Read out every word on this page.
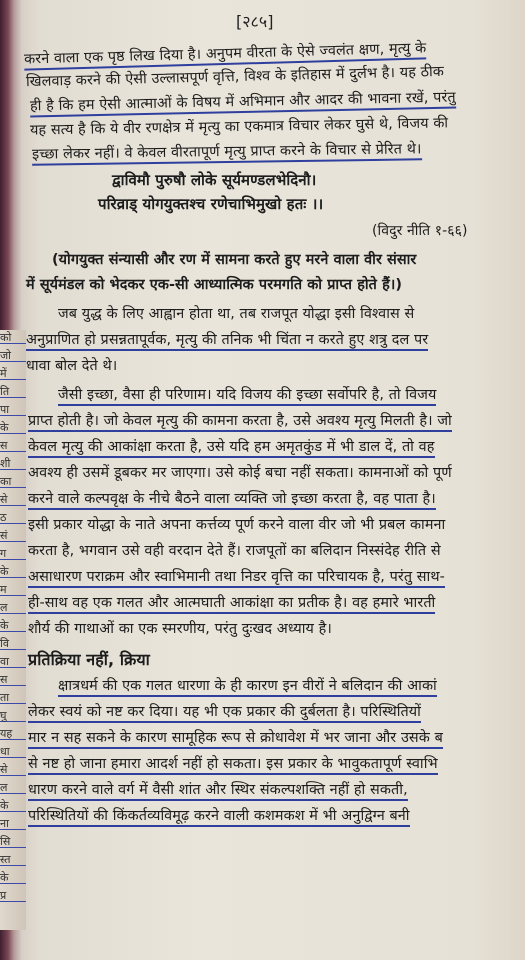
को
जो
में
ति
पा
के
स
शी
का
से
ठ
सं
ग
के
म
ल
के
वि
वा
स
ता
घु
यह
धा
से
ल
के
ना
सि
स्त
के
प्र
[२८५]
करने वाला एक पृष्ठ लिख दिया है। अनुपम वीरता के ऐसे ज्वलंत क्षण, मृत्यु के
खिलवाड़ करने की ऐसी उल्लासपूर्ण वृत्ति, विश्व के इतिहास में दुर्लभ है। यह ठीक
ही है कि हम ऐसी आत्माओं के विषय में अभिमान और आदर की भावना रखें, परंतु
यह सत्य है कि ये वीर रणक्षेत्र में मृत्यु का एकमात्र विचार लेकर घुसे थे, विजय की
इच्छा लेकर नहीं। वे केवल वीरतापूर्ण मृत्यु प्राप्त करने के विचार से प्रेरित थे।
द्वाविमौ पुरुषौ लोके सूर्यमण्डलभेदिनौ।
परिव्राड्‌ योगयुक्तश्च रणेचाभिमुखो हतः ।।
(विदुर नीति १-६६)
(योगयुक्त संन्यासी और रण में सामना करते हुए मरने वाला वीर संसार
में सूर्यमंडल को भेदकर एक-सी आध्यात्मिक परमगति को प्राप्त होते हैं।)
जब युद्ध के लिए आह्वान होता था, तब राजपूत योद्धा इसी विश्वास से
अनुप्राणित हो प्रसन्नतापूर्वक, मृत्यु की तनिक भी चिंता न करते हुए शत्रु दल पर
धावा बोल देते थे।
जैसी इच्छा, वैसा ही परिणाम। यदि विजय की इच्छा सर्वोपरि है, तो विजय
प्राप्त होती है। जो केवल मृत्यु की कामना करता है, उसे अवश्य मृत्यु मिलती है। जो
केवल मृत्यु की आकांक्षा करता है, उसे यदि हम अमृतकुंड में भी डाल दें, तो वह
अवश्य ही उसमें डूबकर मर जाएगा। उसे कोई बचा नहीं सकता। कामनाओं को पूर्ण
करने वाले कल्पवृक्ष के नीचे बैठने वाला व्यक्ति जो इच्छा करता है, वह पाता है।
इसी प्रकार योद्धा के नाते अपना कर्त्तव्य पूर्ण करने वाला वीर जो भी प्रबल कामना
करता है, भगवान उसे वही वरदान देते हैं। राजपूतों का बलिदान निस्संदेह रीति से
असाधारण पराक्रम और स्वाभिमानी तथा निडर वृत्ति का परिचायक है, परंतु साथ-
ही-साथ वह एक गलत और आत्मघाती आकांक्षा का प्रतीक है। वह हमारे भारती
शौर्य की गाथाओं का एक स्मरणीय, परंतु दुःखद अध्याय है।
प्रतिक्रिया नहीं, क्रिया
क्षात्रधर्म की एक गलत धारणा के ही कारण इन वीरों ने बलिदान की आकां
लेकर स्वयं को नष्ट कर दिया। यह भी एक प्रकार की दुर्बलता है। परिस्थितियों
मार न सह सकने के कारण सामूहिक रूप से क्रोधावेश में भर जाना और उसके ब
से नष्ट हो जाना हमारा आदर्श नहीं हो सकता। इस प्रकार के भावुकतापूर्ण स्वाभि
धारण करने वाले वर्ग में वैसी शांत और स्थिर संकल्पशक्ति नहीं हो सकती,
परिस्थितियों की किंकर्तव्यविमूढ़ करने वाली कशमकश में भी अनुद्विग्न बनी
